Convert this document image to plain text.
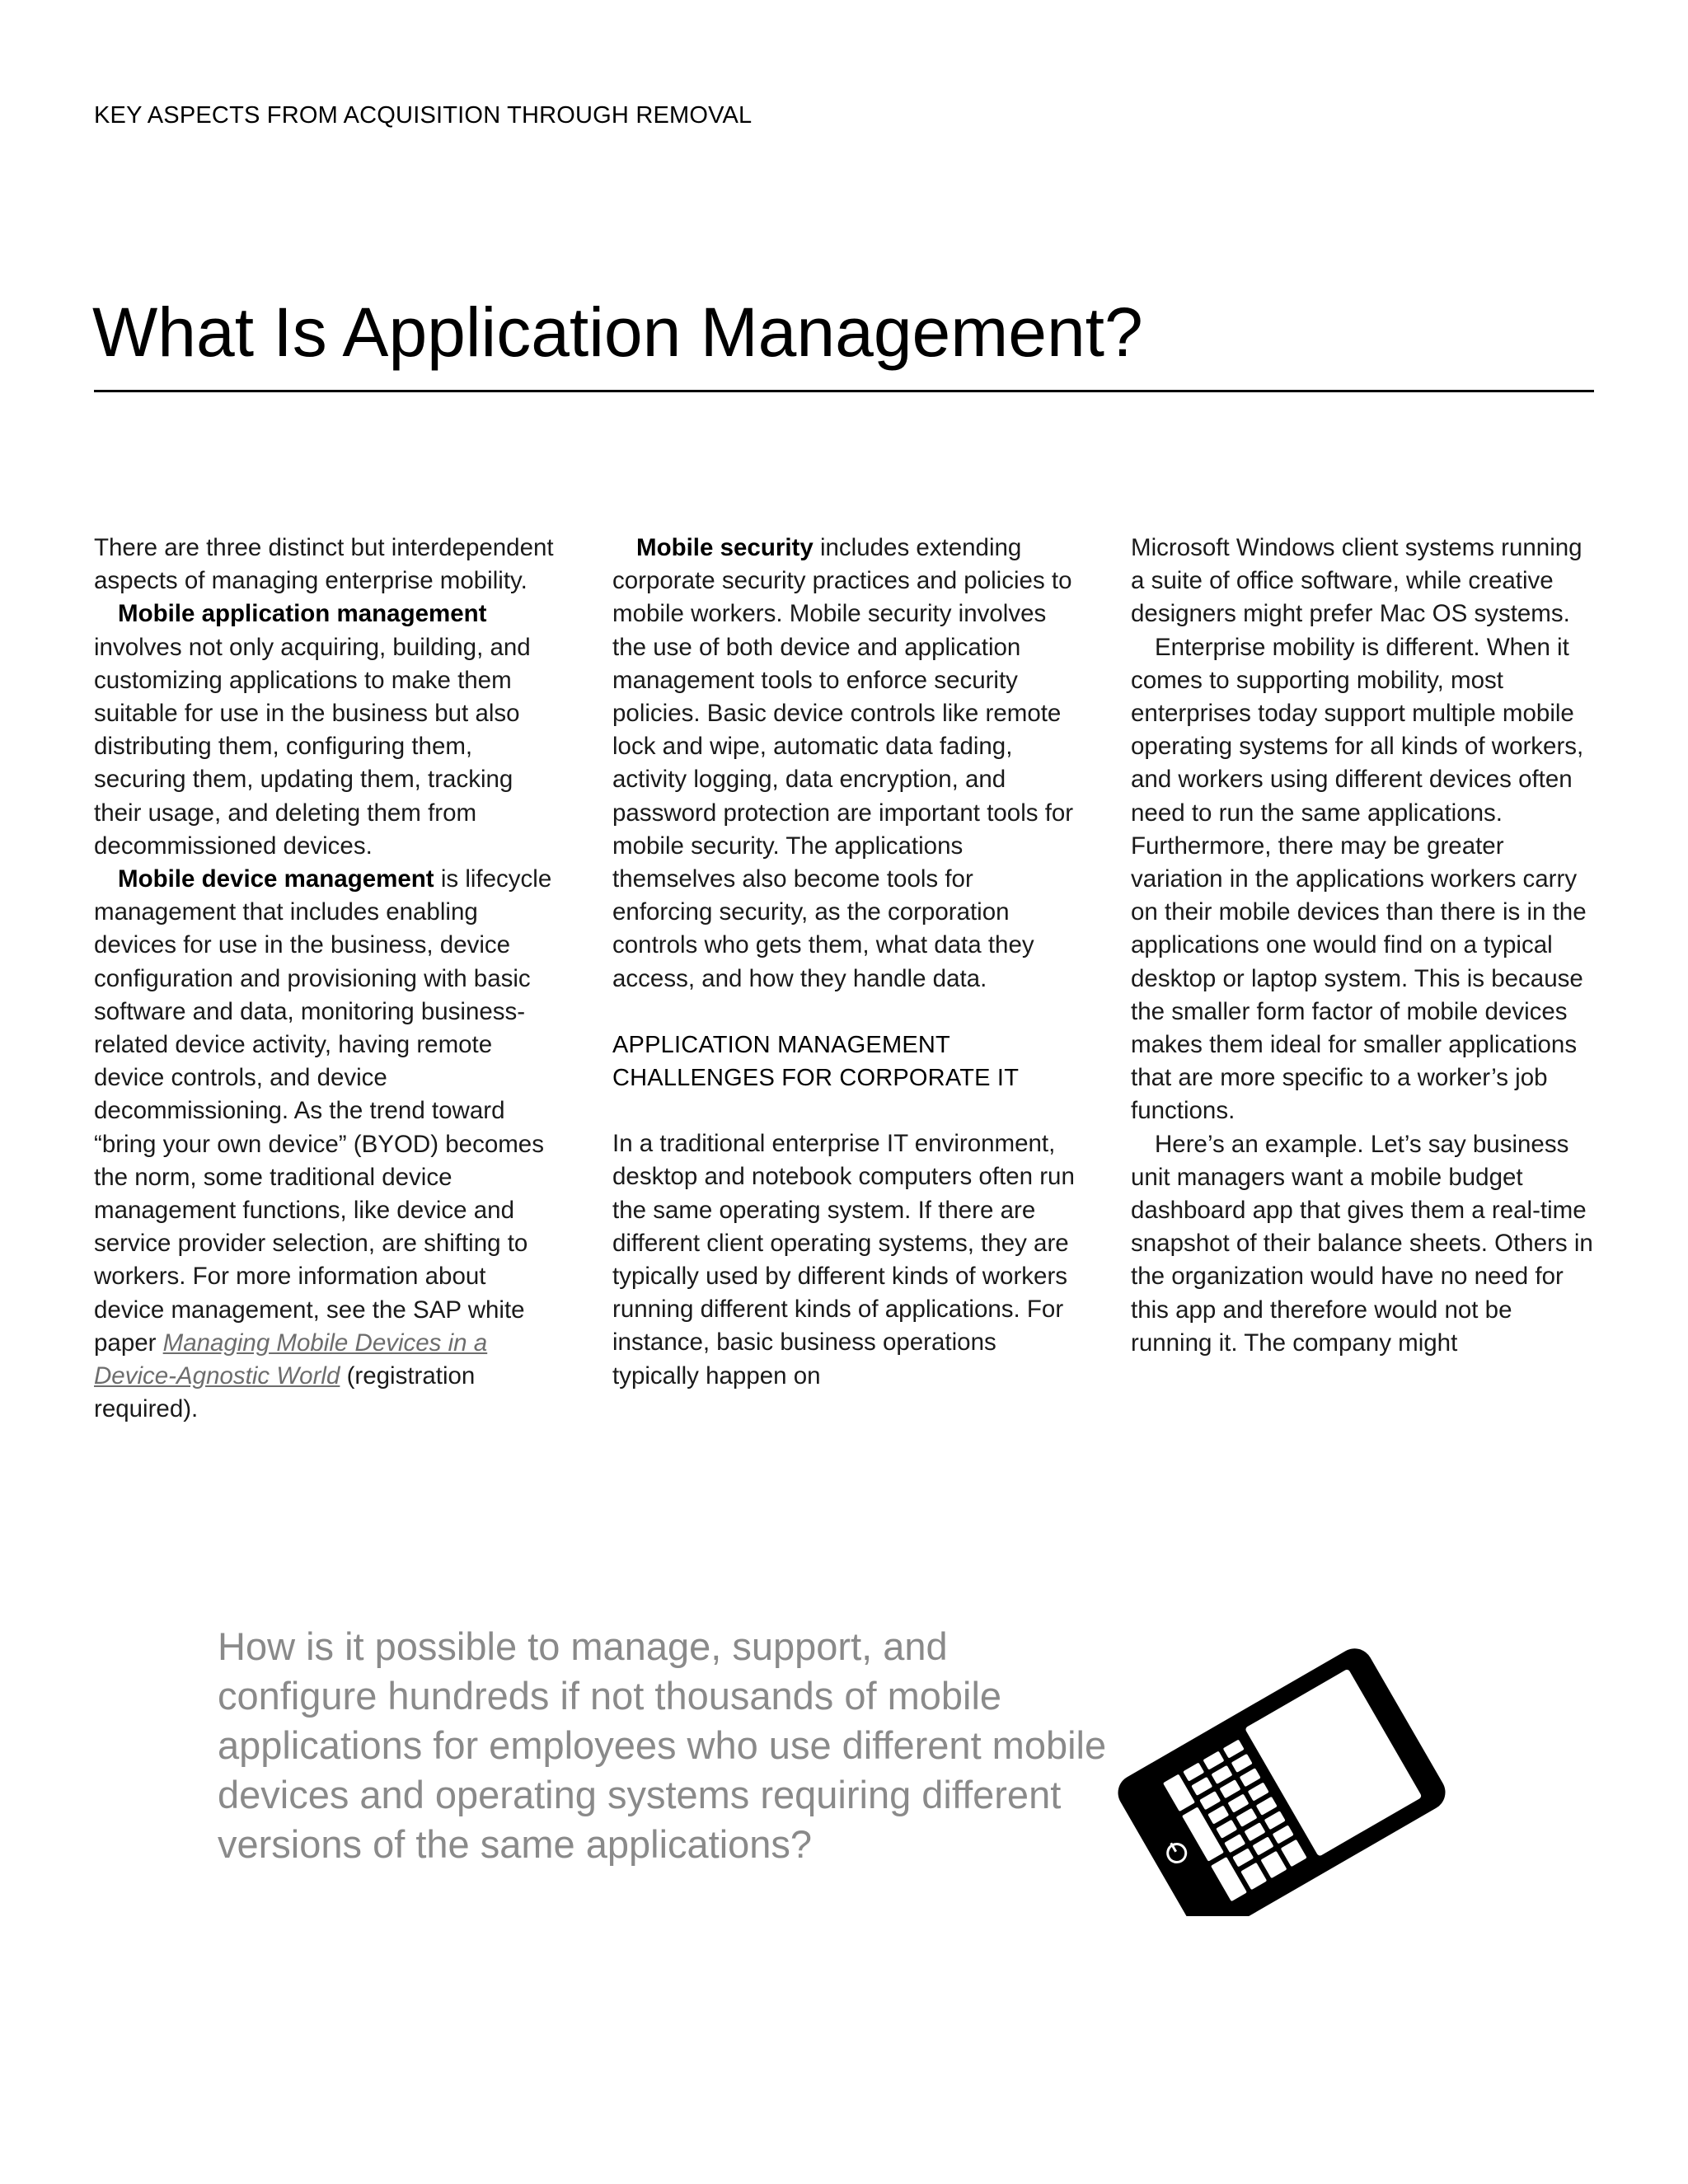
KEY ASPECTS FROM ACQUISITION THROUGH REMOVAL
What Is Application Management?

There are three distinct but interdependent aspects of managing enterprise mobility.

Mobile application management involves not only acquiring, building, and customizing applications to make them suitable for use in the business but also distributing them, configuring them, securing them, updating them, tracking their usage, and deleting them from decommissioned devices.

Mobile device management is lifecycle management that includes enabling devices for use in the business, device configuration and provisioning with basic software and data, monitoring business-related device activity, having remote device controls, and device decommissioning. As the trend toward “bring your own device” (BYOD) becomes the norm, some traditional device management functions, like device and service provider selection, are shifting to workers. For more information about device management, see the SAP white paper Managing Mobile Devices in a Device-Agnostic World (registration required).

Mobile security includes extending corporate security practices and policies to mobile workers. Mobile security involves the use of both device and application management tools to enforce security policies. Basic device controls like remote lock and wipe, automatic data fading, activity logging, data encryption, and password protection are important tools for mobile security. The applications themselves also become tools for enforcing security, as the corporation controls who gets them, what data they access, and how they handle data.

APPLICATION MANAGEMENT CHALLENGES FOR CORPORATE IT

In a traditional enterprise IT environment, desktop and notebook computers often run the same operating system. If there are different client operating systems, they are typically used by different kinds of workers running different kinds of applications. For instance, basic business operations typically happen on

Microsoft Windows client systems running a suite of office software, while creative designers might prefer Mac OS systems.

Enterprise mobility is different. When it comes to supporting mobility, most enterprises today support multiple mobile operating systems for all kinds of workers, and workers using different devices often need to run the same applications. Furthermore, there may be greater variation in the applications workers carry on their mobile devices than there is in the applications one would find on a typical desktop or laptop system. This is because the smaller form factor of mobile devices makes them ideal for smaller applications that are more specific to a worker’s job functions.

Here’s an example. Let’s say business unit managers want a mobile budget dashboard app that gives them a real-time snapshot of their balance sheets. Others in the organization would have no need for this app and therefore would not be running it. The company might

How is it possible to manage, support, and configure hundreds if not thousands of mobile applications for employees who use different mobile devices and operating systems requiring different versions of the same applications?
